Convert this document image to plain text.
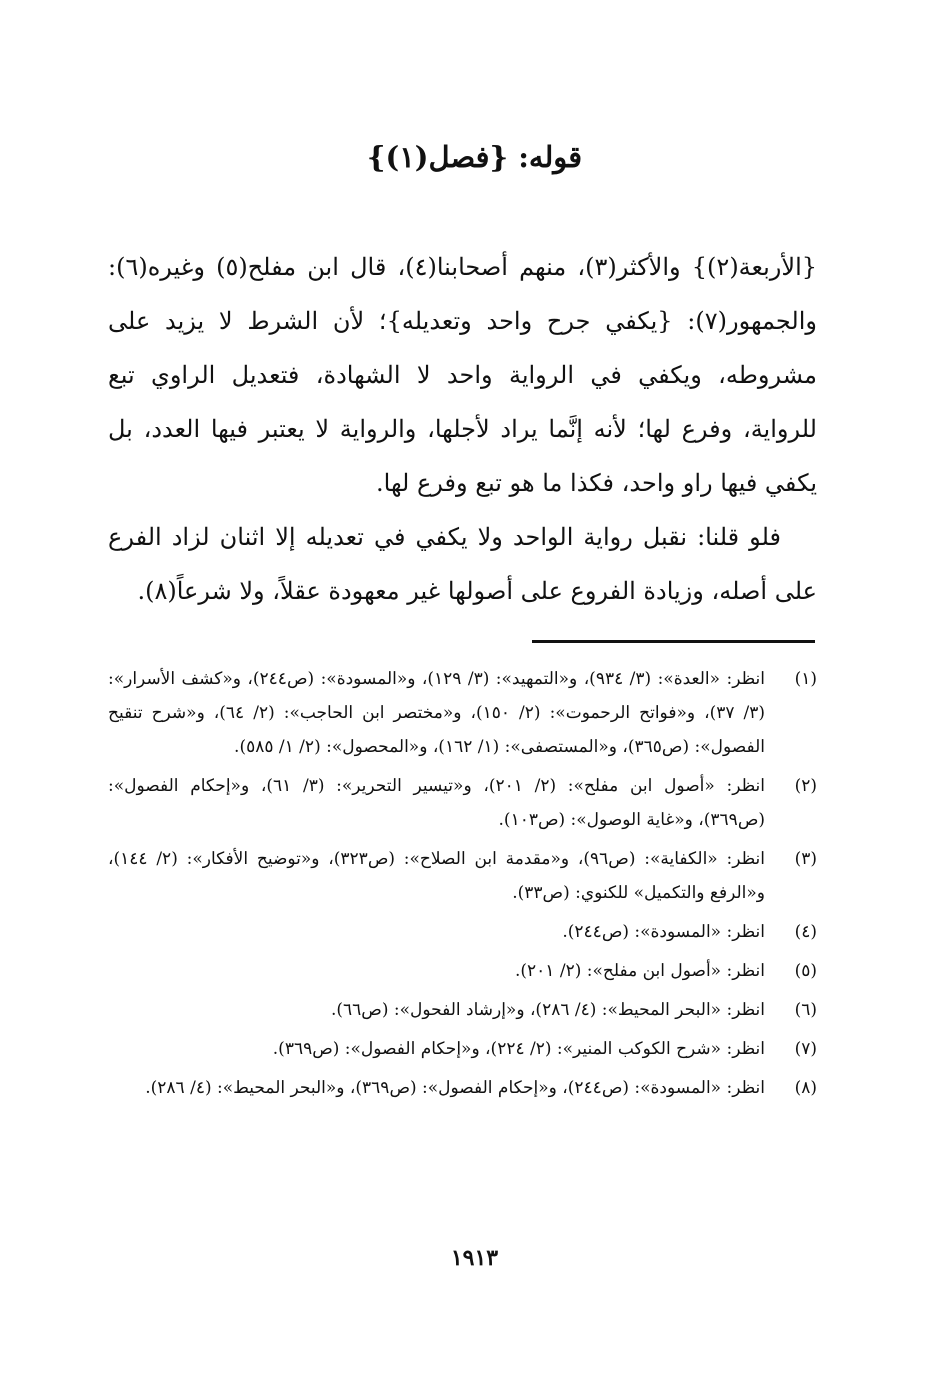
قوله: {فصل(١)}

{الأربعة(٢)} والأكثر(٣)، منهم أصحابنا(٤)، قال ابن مفلح(٥) وغيره(٦): والجمهور(٧): {يكفي جرح واحد وتعديله}؛ لأن الشرط لا يزيد على مشروطه، ويكفي في الرواية واحد لا الشهادة، فتعديل الراوي تبع للرواية، وفرع لها؛ لأنه إنَّما يراد لأجلها، والرواية لا يعتبر فيها العدد، بل يكفي فيها راو واحد، فكذا ما هو تبع وفرع لها.

فلو قلنا: نقبل رواية الواحد ولا يكفي في تعديله إلا اثنان لزاد الفرع على أصله، وزيادة الفروع على أصولها غير معهودة عقلاً، ولا شرعاً(٨).

(١)
انظر: «العدة»: (٣/ ٩٣٤)، و«التمهيد»: (٣/ ١٢٩)، و«المسودة»: (ص٢٤٤)، و«كشف الأسرار»: (٣/ ٣٧)، و«فواتح الرحموت»: (٢/ ١٥٠)، و«مختصر ابن الحاجب»: (٢/ ٦٤)، و«شرح تنقيح الفصول»: (ص٣٦٥)، و«المستصفى»: (١/ ١٦٢)، و«المحصول»: (٢/ ١/ ٥٨٥).
(٢)
انظر: «أصول ابن مفلح»: (٢/ ٢٠١)، و«تيسير التحرير»: (٣/ ٦١)، و«إحكام الفصول»: (ص٣٦٩)، و«غاية الوصول»: (ص١٠٣).
(٣)
انظر: «الكفاية»: (ص٩٦)، و«مقدمة ابن الصلاح»: (ص٣٢٣)، و«توضيح الأفكار»: (٢/ ١٤٤)، و«الرفع والتكميل» للكنوي: (ص٣٣).
(٤)
انظر: «المسودة»: (ص٢٤٤).
(٥)
انظر: «أصول ابن مفلح»: (٢/ ٢٠١).
(٦)
انظر: «البحر المحيط»: (٤/ ٢٨٦)، و«إرشاد الفحول»: (ص٦٦).
(٧)
انظر: «شرح الكوكب المنير»: (٢/ ٢٢٤)، و«إحكام الفصول»: (ص٣٦٩).
(٨)
انظر: «المسودة»: (ص٢٤٤)، و«إحكام الفصول»: (ص٣٦٩)، و«البحر المحيط»: (٤/ ٢٨٦).
١٩١٣
